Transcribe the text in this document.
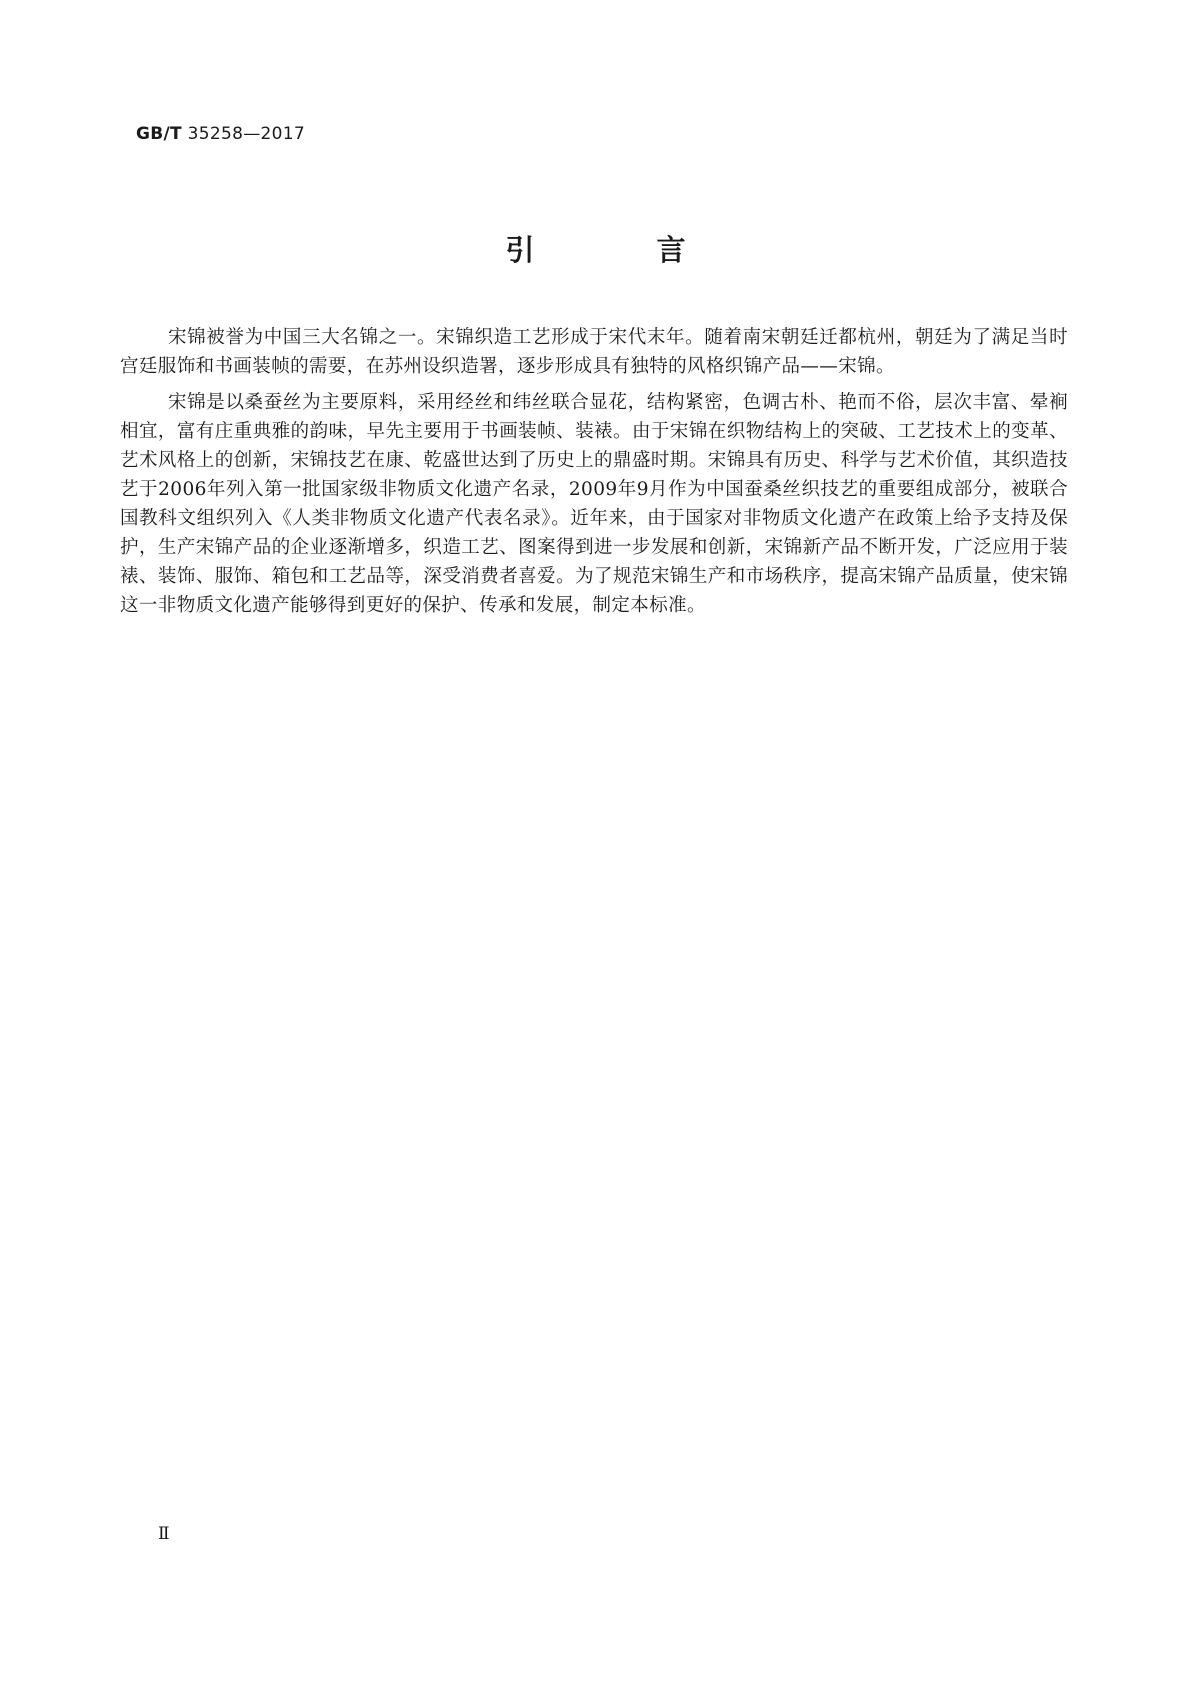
GB/T 35258—2017
引 言

宋锦被誉为中国三大名锦之一。宋锦织造工艺形成于宋代末年。随着南宋朝廷迁都杭州，朝廷为了满足当时宫廷服饰和书画装帧的需要，在苏州设织造署，逐步形成具有独特的风格织锦产品——宋锦。

宋锦是以桑蚕丝为主要原料，采用经丝和纬丝联合显花，结构紧密，色调古朴、艳而不俗，层次丰富、晕裥相宜，富有庄重典雅的韵味，早先主要用于书画装帧、装裱。由于宋锦在织物结构上的突破、工艺技术上的变革、艺术风格上的创新，宋锦技艺在康、乾盛世达到了历史上的鼎盛时期。宋锦具有历史、科学与艺术价值，其织造技艺于2006年列入第一批国家级非物质文化遗产名录，2009年9月作为中国蚕桑丝织技艺的重要组成部分，被联合国教科文组织列入《人类非物质文化遗产代表名录》。近年来，由于国家对非物质文化遗产在政策上给予支持及保护，生产宋锦产品的企业逐渐增多，织造工艺、图案得到进一步发展和创新，宋锦新产品不断开发，广泛应用于装裱、装饰、服饰、箱包和工艺品等，深受消费者喜爱。为了规范宋锦生产和市场秩序，提高宋锦产品质量，使宋锦这一非物质文化遗产能够得到更好的保护、传承和发展，制定本标准。

Ⅱ
